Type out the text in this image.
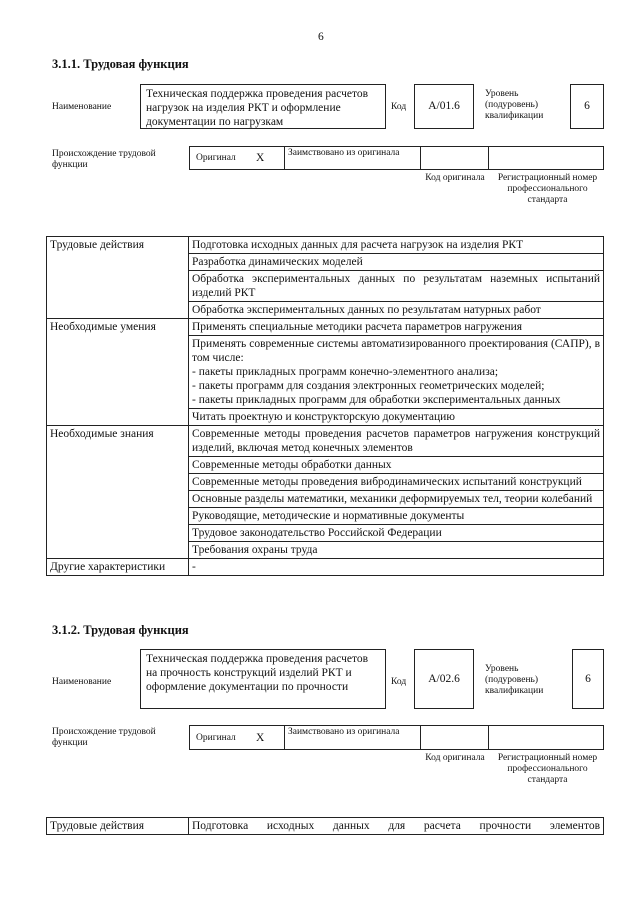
6
3.1.1. Трудовая функция
Наименование
Техническая поддержка проведения расчетов нагрузок на изделия РКТ и оформление документации по нагрузкам
Код	А/01.6
Уровень (подуровень) квалификации
6
Происхождение трудовой функции
Оригинал X Заимствовано из оригинала
Код оригинала Регистрационный номер профессионального стандарта
Трудовые действия	Подготовка исходных данных для расчета нагрузок на изделия РКТ
	Разработка динамических моделей
	Обработка экспериментальных данных по результатам наземных испытаний изделий РКТ
	Обработка экспериментальных данных по результатам натурных работ
Необходимые умения	Применять специальные методики расчета параметров нагружения
	Применять современные системы автоматизированного проектирования (САПР), в том числе:
- пакеты прикладных программ конечно-элементного анализа;
- пакеты программ для создания электронных геометрических моделей;
- пакеты прикладных программ для обработки экспериментальных данных
	Читать проектную и конструкторскую документацию
Необходимые знания	Современные методы проведения расчетов параметров нагружения конструкций изделий, включая метод конечных элементов
	Современные методы обработки данных
	Современные методы проведения вибродинамических испытаний конструкций
	Основные разделы математики, механики деформируемых тел, теории колебаний
	Руководящие, методические и нормативные документы
	Трудовое законодательство Российской Федерации
	Требования охраны труда
Другие характеристики	-
3.1.2. Трудовая функция
Наименование
Техническая поддержка проведения расчетов на прочность конструкций изделий РКТ и оформление документации по прочности	Код	А/02.6
Уровень (подуровень) квалификации
6
Происхождение трудовой функции	Оригинал X Заимствовано из оригинала
Код оригинала Регистрационный номер профессионального стандарта
Трудовые действия	Подготовка исходных данных для расчета прочности элементов
